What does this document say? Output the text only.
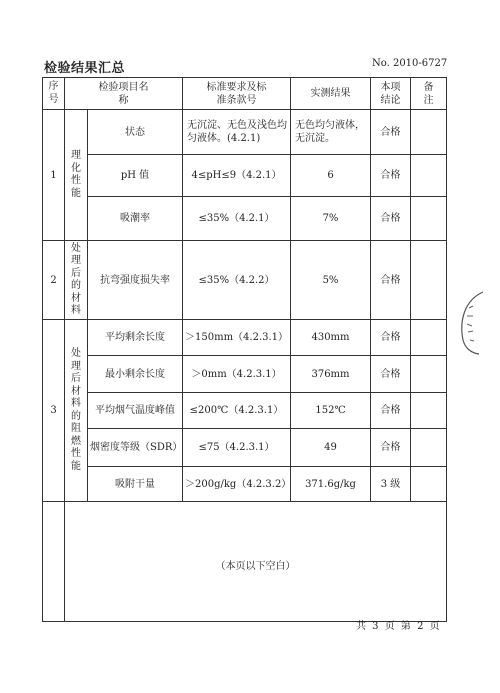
检验结果汇总	No. 2010-6727
序号	检验项目名称		标准要求及标准条款号	实测结果	本项结论	备注
1	理化性能	状态	无沉淀、无色及浅色均匀液体。(4.2.1)	无色均匀液体，无沉淀。	合格	
		pH 值	4≤pH≤9（4.2.1）	6	合格	
		吸潮率	≤35%（4.2.1）	7%	合格	
2	处理后的材料	抗弯强度损失率	≤35%（4.2.2）	5%	合格	
3	处理后材料的阻燃性能	平均剩余长度	＞150mm（4.2.3.1）	430mm	合格	
		最小剩余长度	＞0mm（4.2.3.1）	376mm	合格	
		平均烟气温度峰值	≤200℃（4.2.3.1）	152℃	合格	
		烟密度等级（SDR）	≤75（4.2.3.1）	49	合格	
		吸附干量	＞200g/kg（4.2.3.2）	371.6g/kg	3 级	

	（本页以下空白）					
共 3 页 第 2 页
